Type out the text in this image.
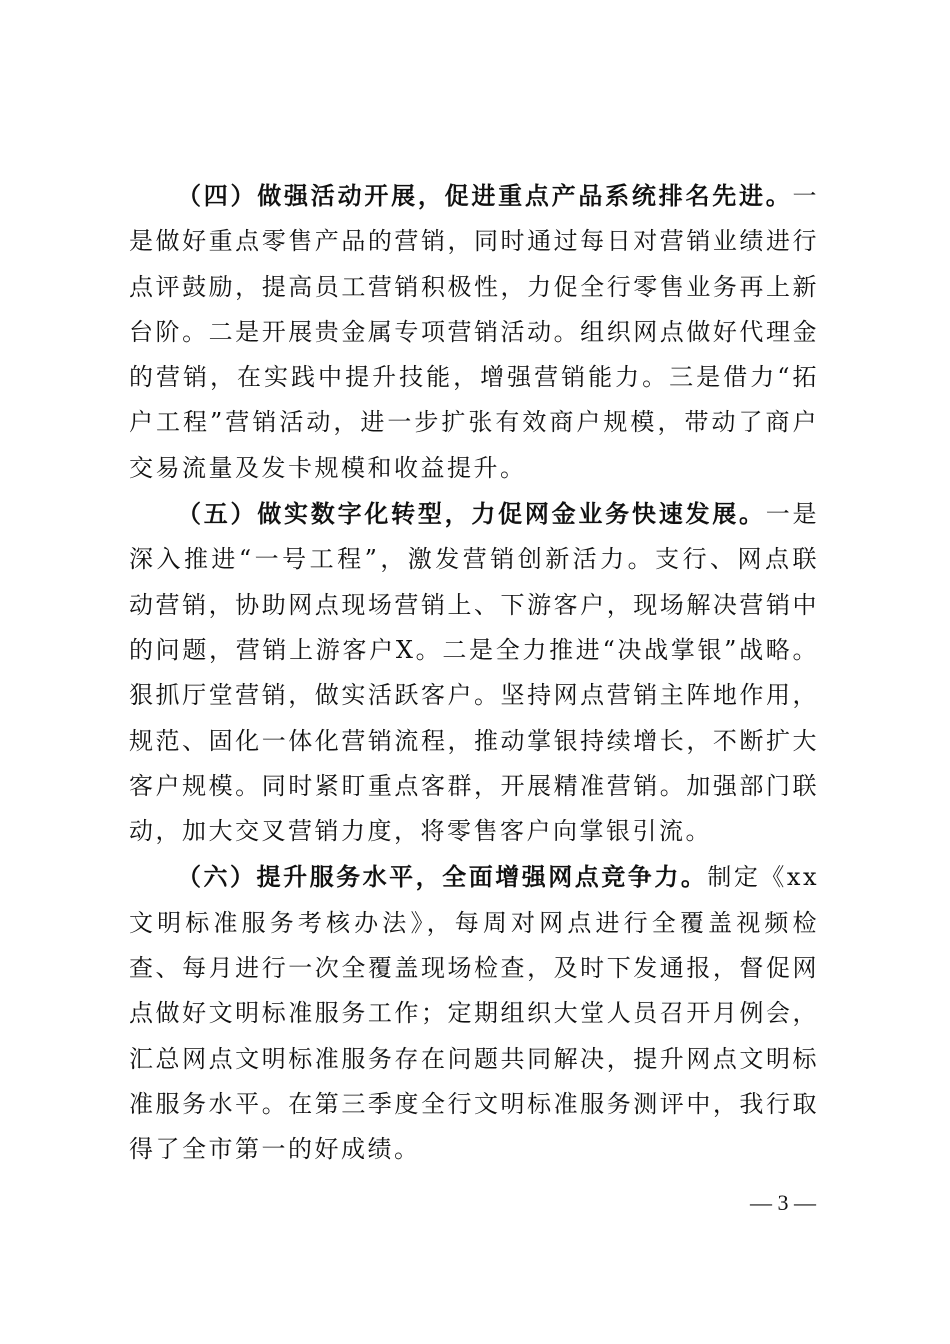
（四）做强活动开展，促进重点产品系统排名先进。一是做好重点零售产品的营销，同时通过每日对营销业绩进行点评鼓励，提高员工营销积极性，力促全行零售业务再上新台阶。二是开展贵金属专项营销活动。组织网点做好代理金的营销，在实践中提升技能，增强营销能力。三是借力“拓户工程”营销活动，进一步扩张有效商户规模，带动了商户交易流量及发卡规模和收益提升。

（五）做实数字化转型，力促网金业务快速发展。一是深入推进“一号工程”，激发营销创新活力。支行、网点联动营销，协助网点现场营销上、下游客户，现场解决营销中的问题，营销上游客户X。二是全力推进“决战掌银”战略。狠抓厅堂营销，做实活跃客户。坚持网点营销主阵地作用，规范、固化一体化营销流程，推动掌银持续增长，不断扩大客户规模。同时紧盯重点客群，开展精准营销。加强部门联动，加大交叉营销力度，将零售客户向掌银引流。

（六）提升服务水平，全面增强网点竞争力。制定《xx文明标准服务考核办法》，每周对网点进行全覆盖视频检查、每月进行一次全覆盖现场检查，及时下发通报，督促网点做好文明标准服务工作；定期组织大堂人员召开月例会，汇总网点文明标准服务存在问题共同解决，提升网点文明标准服务水平。在第三季度全行文明标准服务测评中，我行取得了全市第一的好成绩。

— 3 —
